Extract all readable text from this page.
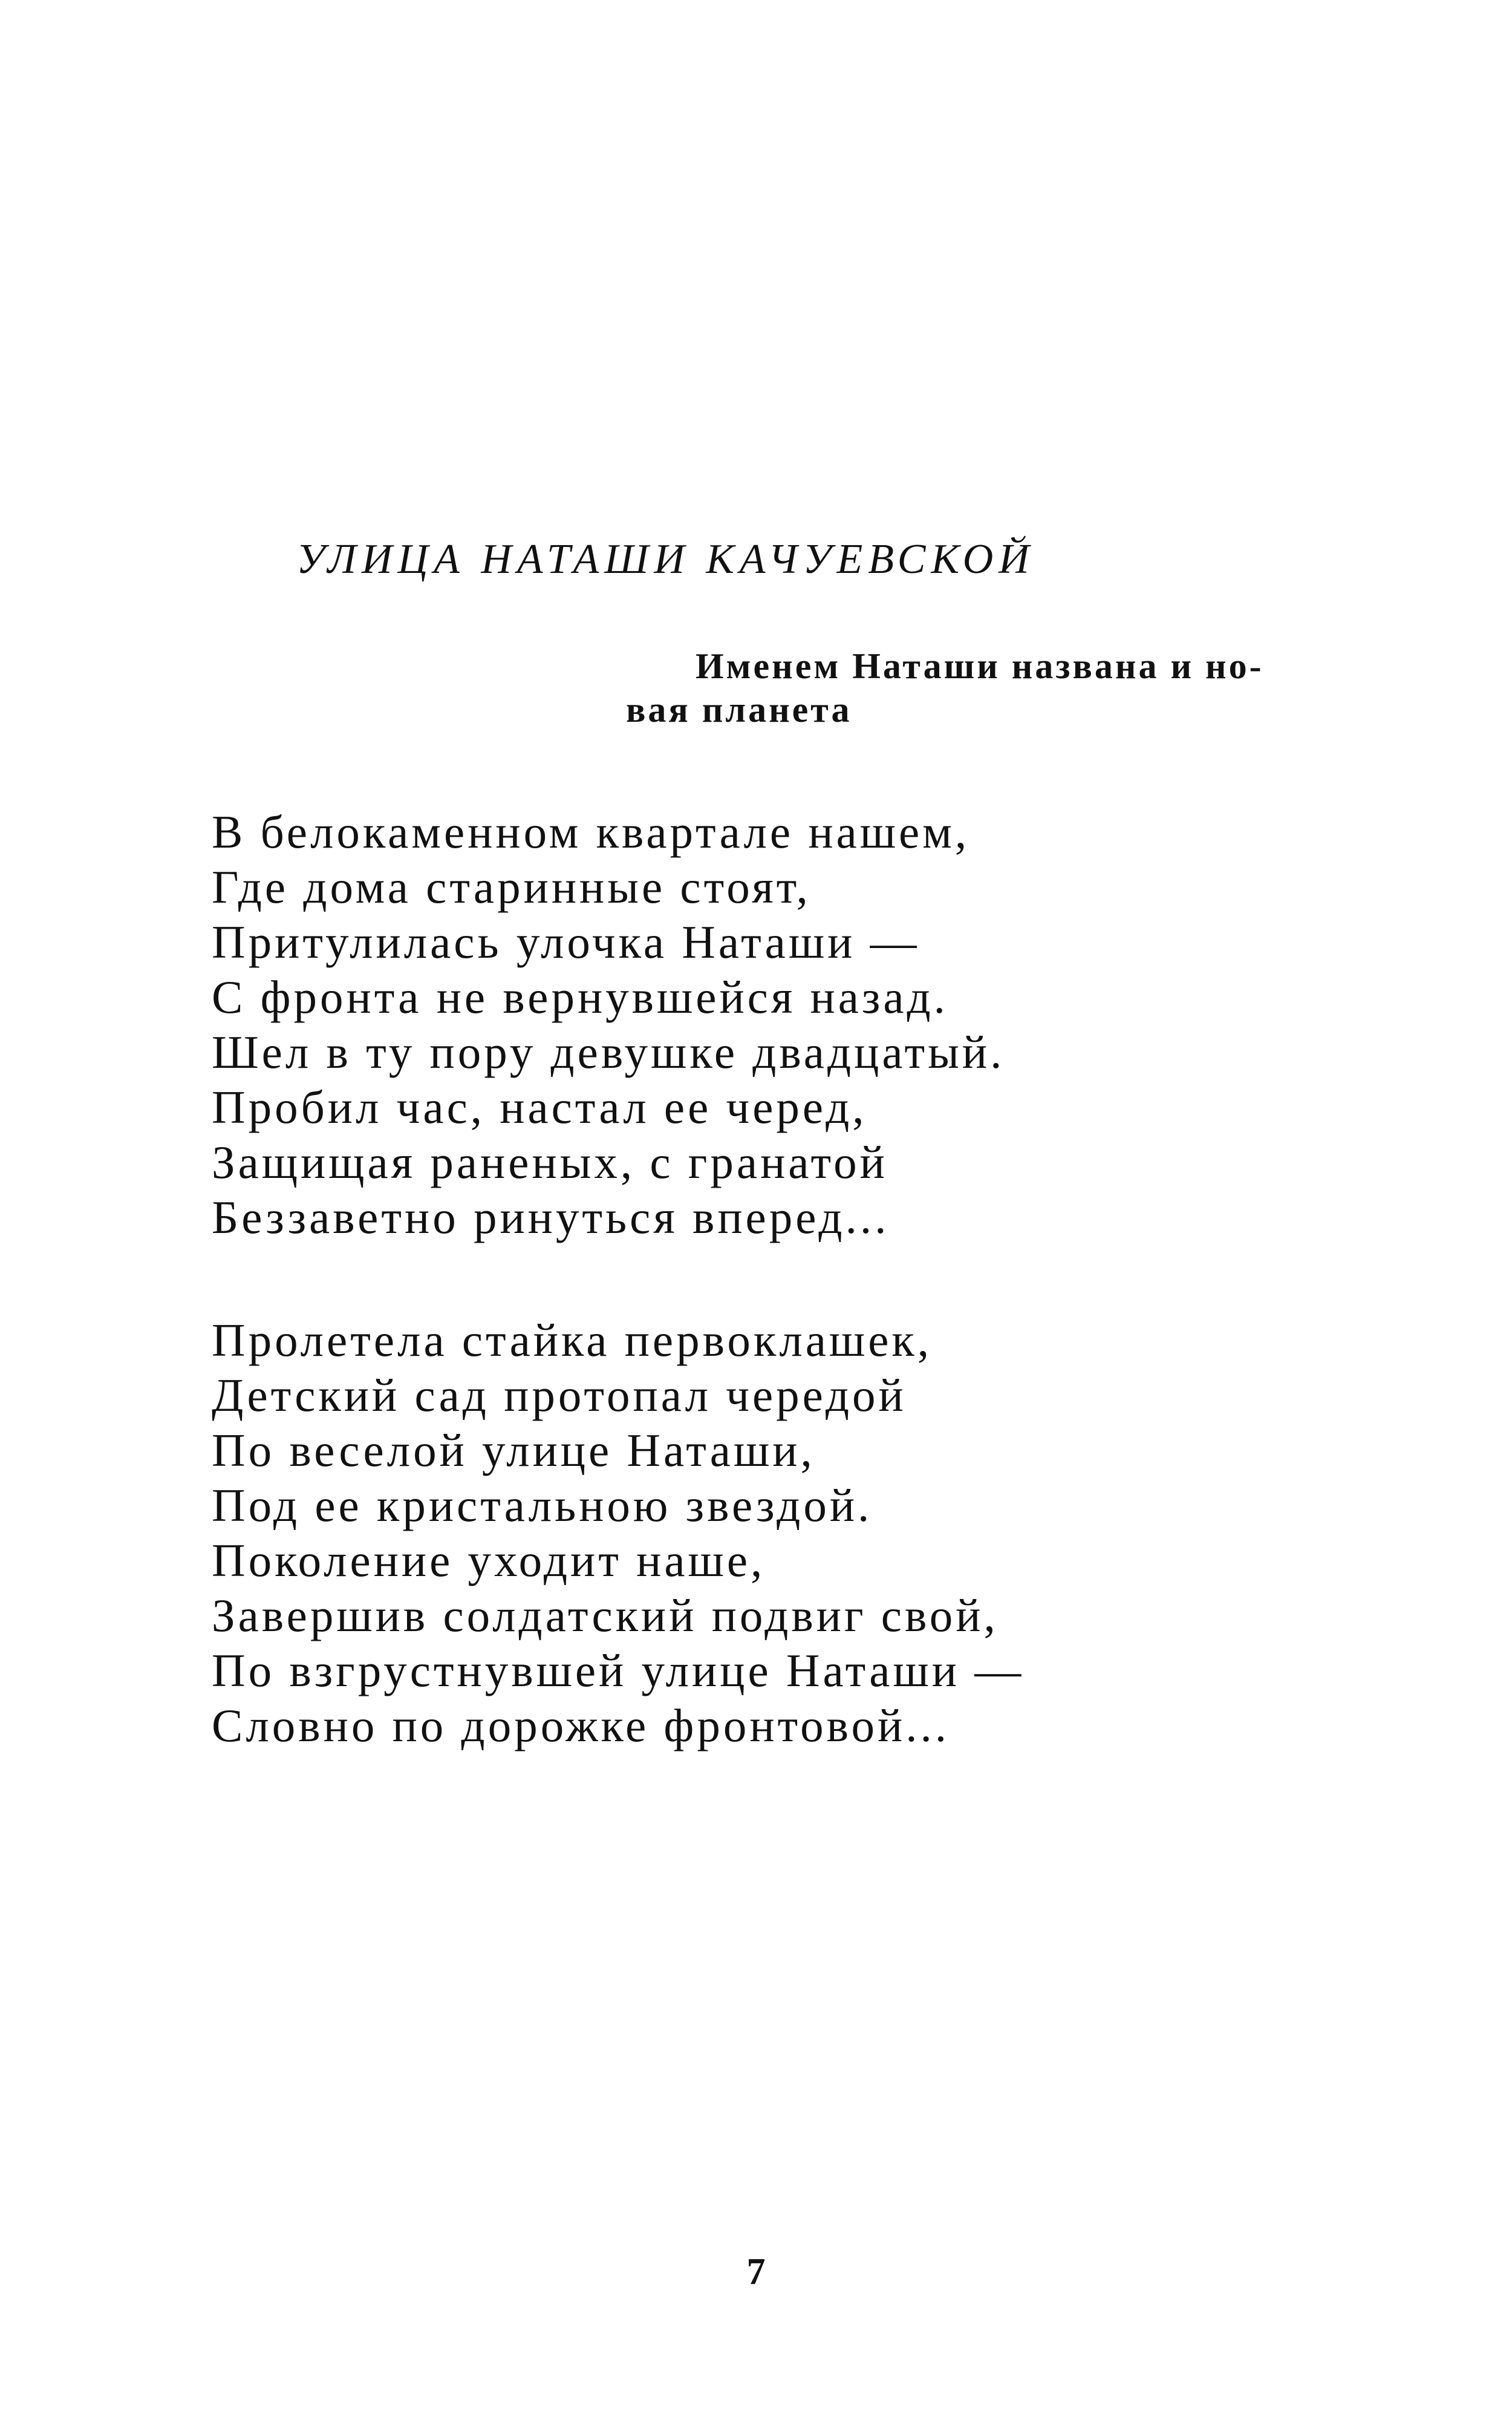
УЛИЦА НАТАШИ КАЧУЕВСКОЙ
Именем Наташи названа и но-
вая планета
В белокаменном квартале нашем,
Где дома старинные стоят,
Притулилась улочка Наташи —
С фронта не вернувшейся назад.
Шел в ту пору девушке двадцатый.
Пробил час, настал ее черед,
Защищая раненых, с гранатой
Беззаветно ринуться вперед...
Пролетела стайка первоклашек,
Детский сад протопал чередой
По веселой улице Наташи,
Под ее кристальною звездой.
Поколение уходит наше,
Завершив солдатский подвиг свой,
По взгрустнувшей улице Наташи —
Словно по дорожке фронтовой...
7
